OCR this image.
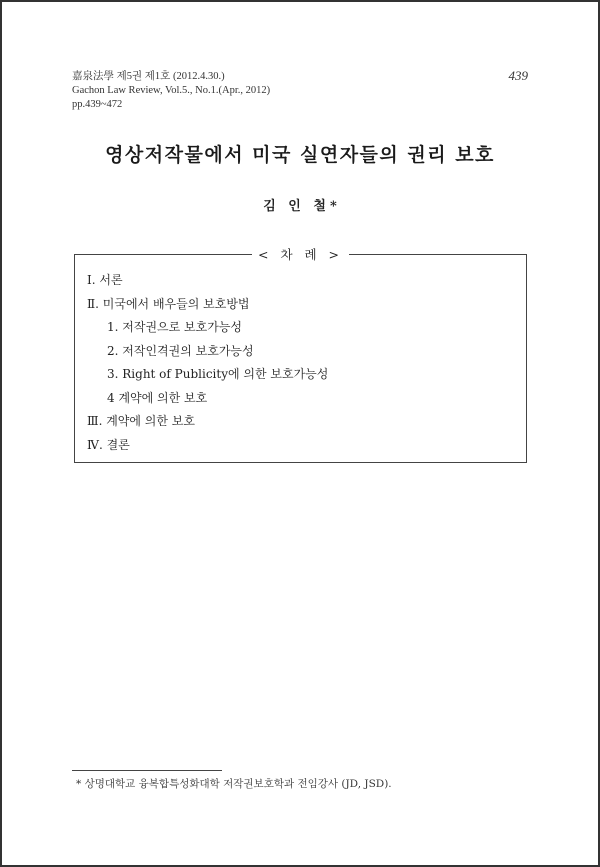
嘉泉法學 제5권 제1호 (2012.4.30.)
Gachon Law Review, Vol.5., No.1.(Apr., 2012)
pp.439~472
439
영상저작물에서 미국 실연자들의 권리 보호
김 인 철*
< 차 례 >
Ⅰ. 서론
Ⅱ. 미국에서 배우들의 보호방법
1. 저작권으로 보호가능성
2. 저작인격권의 보호가능성
3. Right of Publicity에 의한 보호가능성
4 계약에 의한 보호
Ⅲ. 계약에 의한 보호
Ⅳ. 결론
* 상명대학교 융복합특성화대학 저작권보호학과 전임강사 (JD, JSD).
